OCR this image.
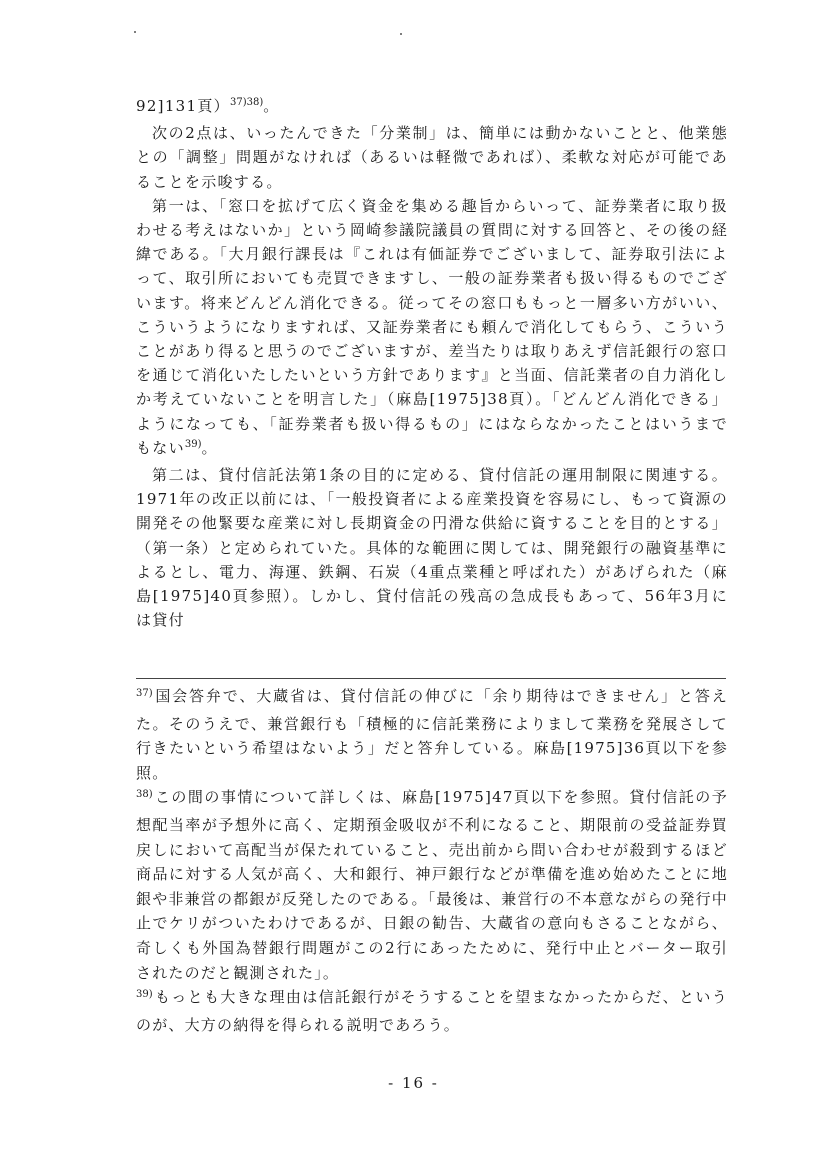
92]131頁）$^{37)38)}$。

次の2点は、いったんできた「分業制」は、簡単には動かないことと、他業態との「調整」問題がなければ（あるいは軽微であれば）、柔軟な対応が可能であることを示唆する。

第一は、「窓口を拡げて広く資金を集める趣旨からいって、証券業者に取り扱わせる考えはないか」という岡崎参議院議員の質問に対する回答と、その後の経緯である。「大月銀行課長は『これは有価証券でございまして、証券取引法によって、取引所においても売買できますし、一般の証券業者も扱い得るものでございます。将来どんどん消化できる。従ってその窓口ももっと一層多い方がいい、こういうようになりますれば、又証券業者にも頼んで消化してもらう、こういうことがあり得ると思うのでございますが、差当たりは取りあえず信託銀行の窓口を通じて消化いたしたいという方針であります』と当面、信託業者の自力消化しか考えていないことを明言した」（麻島[1975]38頁）。「どんどん消化できる」ようになっても、「証券業者も扱い得るもの」にはならなかったことはいうまでもない$^{39)}$。

第二は、貸付信託法第1条の目的に定める、貸付信託の運用制限に関連する。1971年の改正以前には、「一般投資者による産業投資を容易にし、もって資源の開発その他緊要な産業に対し長期資金の円滑な供給に資することを目的とする」（第一条）と定められていた。具体的な範囲に関しては、開発銀行の融資基準によるとし、電力、海運、鉄鋼、石炭（4重点業種と呼ばれた）があげられた（麻島[1975]40頁参照）。しかし、貸付信託の残高の急成長もあって、56年3月には貸付

$^{37)}$ 国会答弁で、大蔵省は、貸付信託の伸びに「余り期待はできません」と答えた。そのうえで、兼営銀行も「積極的に信託業務によりまして業務を発展さして行きたいという希望はないよう」だと答弁している。麻島[1975]36頁以下を参照。

$^{38)}$ この間の事情について詳しくは、麻島[1975]47頁以下を参照。貸付信託の予想配当率が予想外に高く、定期預金吸収が不利になること、期限前の受益証券買戻しにおいて高配当が保たれていること、売出前から問い合わせが殺到するほど商品に対する人気が高く、大和銀行、神戸銀行などが準備を進め始めたことに地銀や非兼営の都銀が反発したのである。「最後は、兼営行の不本意ながらの発行中止でケリがついたわけであるが、日銀の勧告、大蔵省の意向もさることながら、奇しくも外国為替銀行問題がこの2行にあったために、発行中止とバーター取引されたのだと観測された」。

$^{39)}$ もっとも大きな理由は信託銀行がそうすることを望まなかったからだ、というのが、大方の納得を得られる説明であろう。

- 16 -
